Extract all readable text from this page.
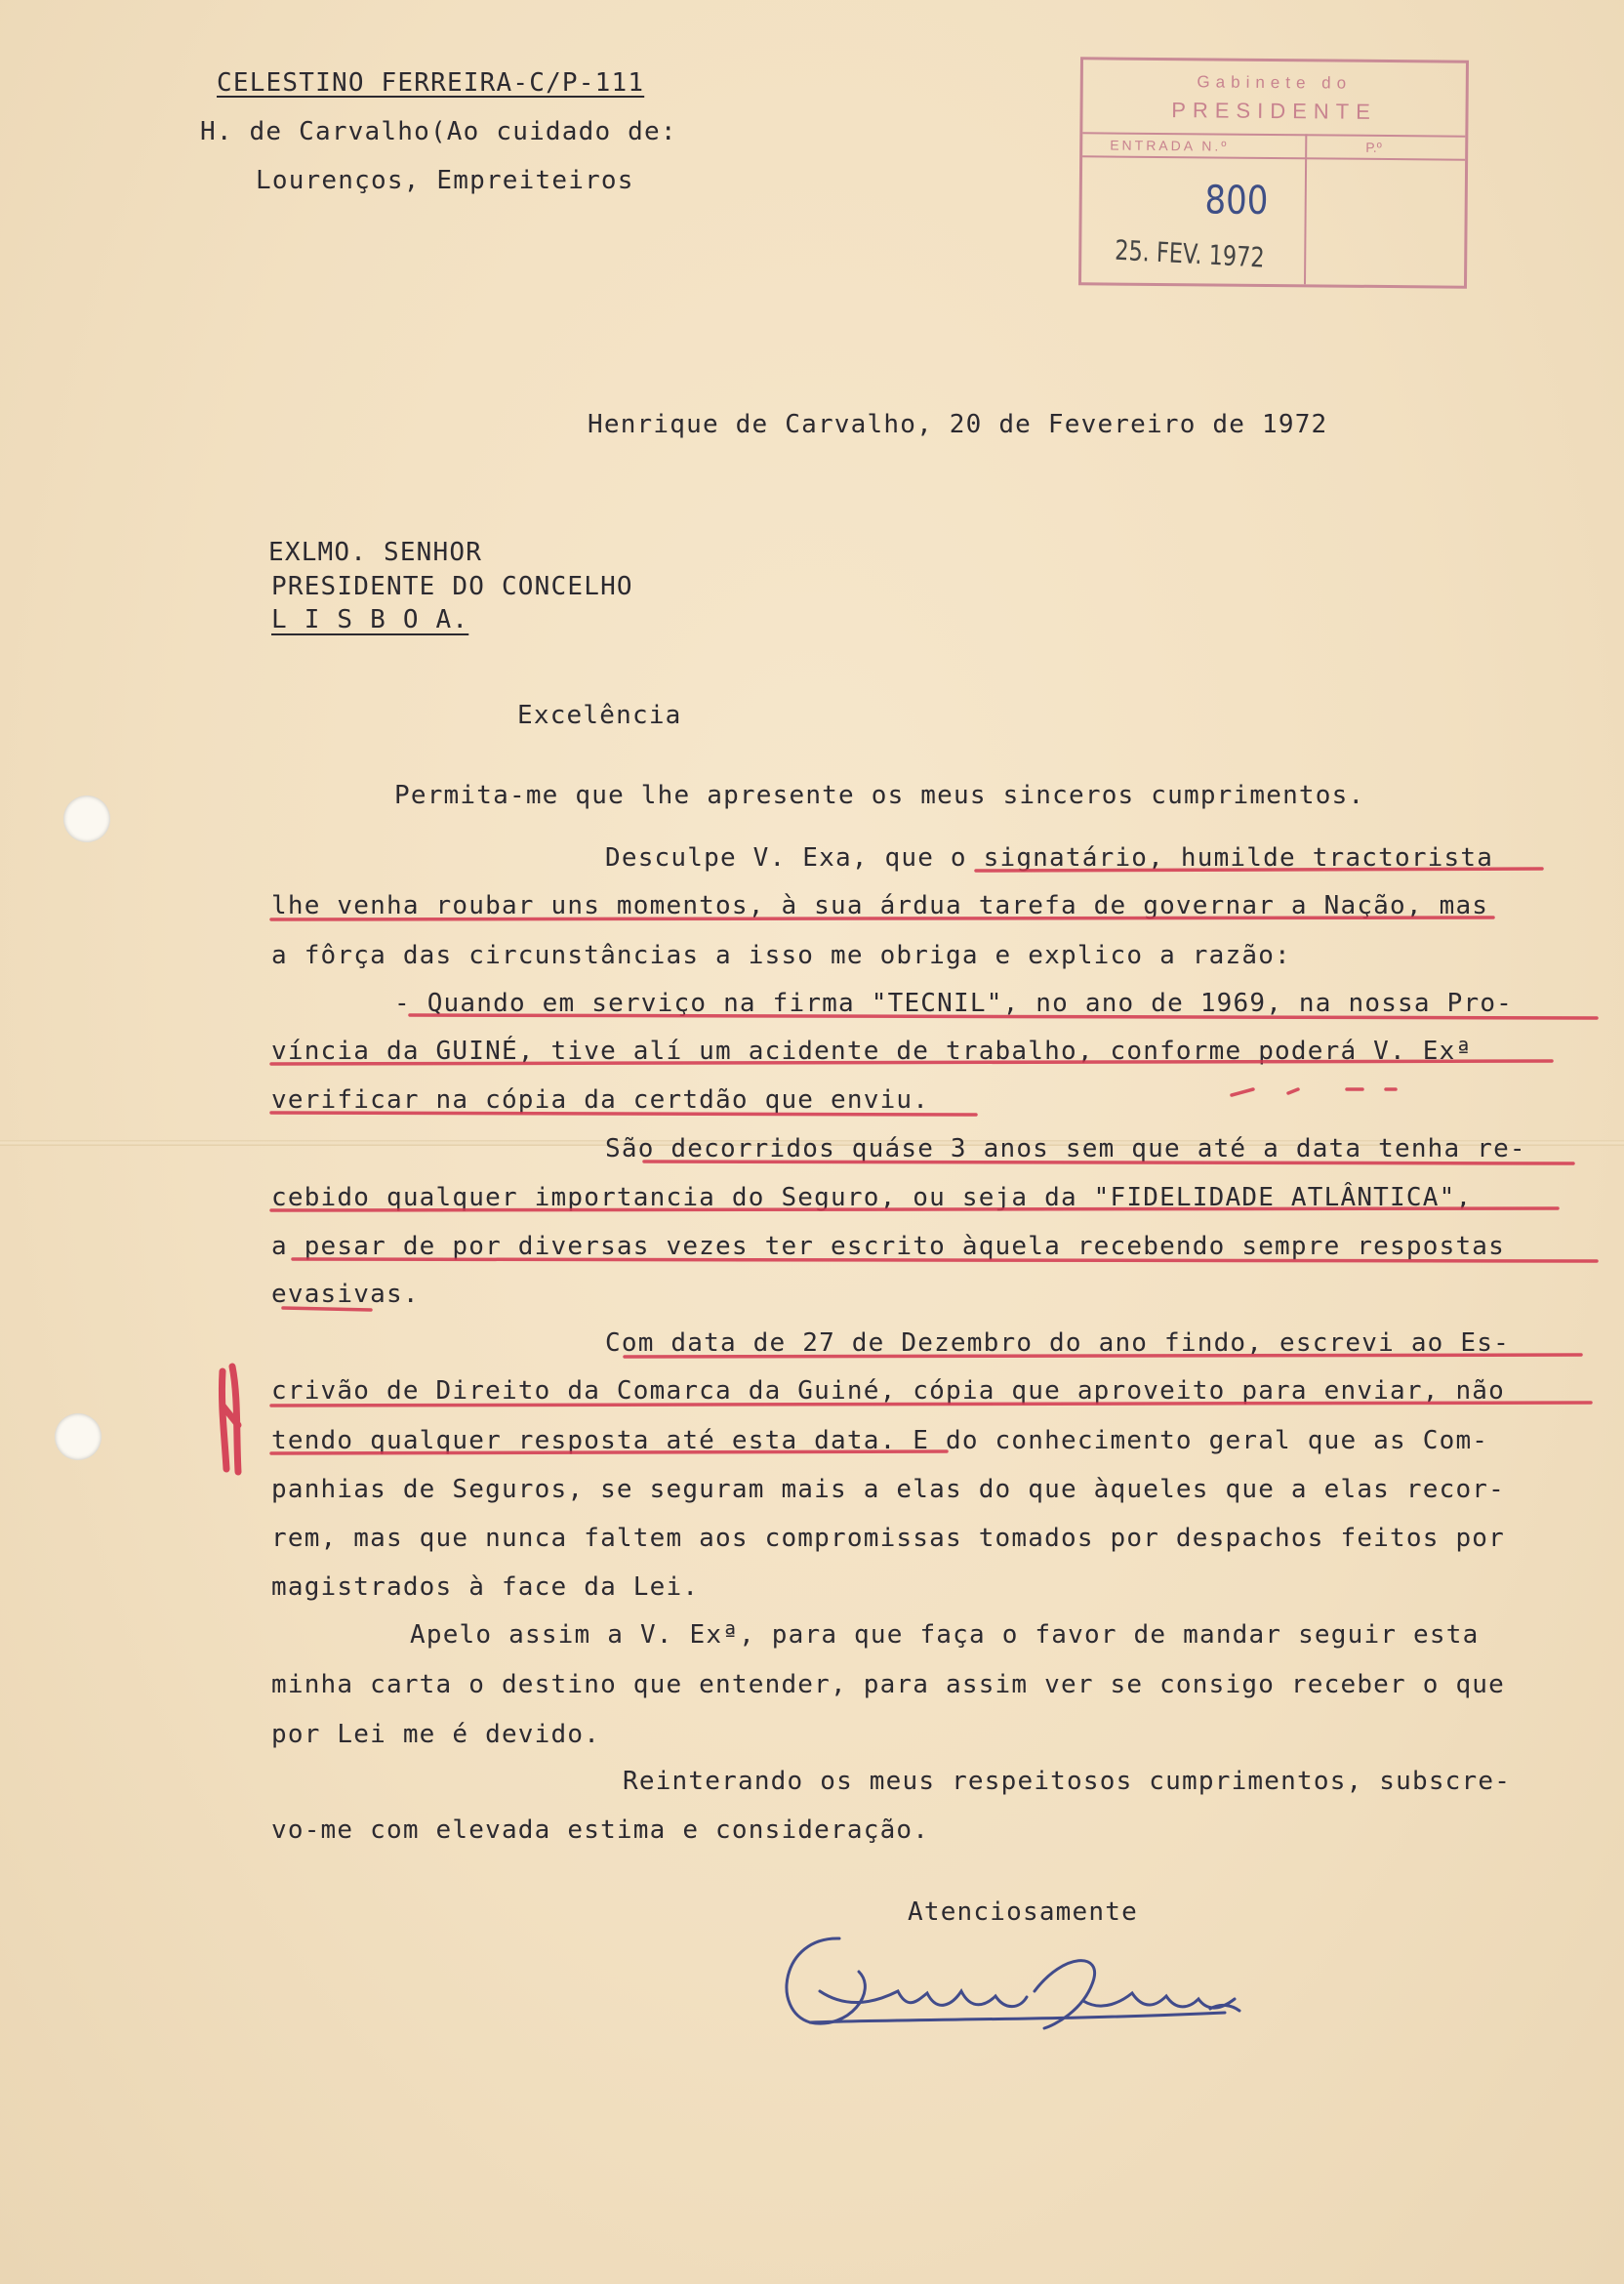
CELESTINO FERREIRA-C/P-111
H. de Carvalho(Ao cuidado de:
Lourenços, Empreiteiros
Gabinete do
PRESIDENTE
ENTRADA N.º	P.º
800
25. FEV. 1972
Henrique de Carvalho, 20 de Fevereiro de 1972
EXLMO. SENHOR
PRESIDENTE DO CONCELHO
L I S B O A.
Excelência
Permita-me que lhe apresente os meus sinceros cumprimentos.
Desculpe V. Exa, que o signatário, humilde tractorista
lhe venha roubar uns momentos, à sua árdua tarefa de governar a Nação, mas
a fôrça das circunstâncias a isso me obriga e explico a razão:
- Quando em serviço na firma "TECNIL", no ano de 1969, na nossa Pro-
víncia da GUINÉ, tive alí um acidente de trabalho, conforme poderá V. Exª
verificar na cópia da certdão que enviu.
São decorridos quáse 3 anos sem que até a data tenha re-
cebido qualquer importancia do Seguro, ou seja da "FIDELIDADE ATLÂNTICA",
a pesar de por diversas vezes ter escrito àquela recebendo sempre respostas
evasivas.
Com data de 27 de Dezembro do ano findo, escrevi ao Es-
crivão de Direito da Comarca da Guiné, cópia que aproveito para enviar, não
tendo qualquer resposta até esta data. E do conhecimento geral que as Com-
panhias de Seguros, se seguram mais a elas do que àqueles que a elas recor-
rem, mas que nunca faltem aos compromissas tomados por despachos feitos por
magistrados à face da Lei.
Apelo assim a V. Exª, para que faça o favor de mandar seguir esta
minha carta o destino que entender, para assim ver se consigo receber o que
por Lei me é devido.
Reinterando os meus respeitosos cumprimentos, subscre-
vo-me com elevada estima e consideração.
Atenciosamente
